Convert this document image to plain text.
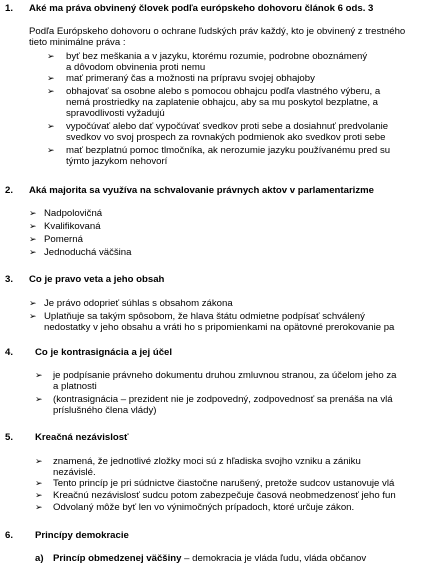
1. Aké ma práva obvinený človek podľa európskeho dohovoru článok 6 ods. 3
Podľa Európskeho dohovoru o ochrane ľudských práv každý, kto je obvinený z trestného
tieto minimálne práva :
➢
byť bez meškania a v jazyku, ktorému rozumie, podrobne oboznámený
a dôvodom obvinenia proti nemu
➢
mať primeraný čas a možnosti na prípravu svojej obhajoby
➢
obhajovať sa osobne alebo s pomocou obhajcu podľa vlastného výberu, a
nemá prostriedky na zaplatenie obhajcu, aby sa mu poskytol bezplatne, a
spravodlivosti vyžadujú
➢
vypočúvať alebo dať vypočúvať svedkov proti sebe a dosiahnuť predvolanie
svedkov vo svoj prospech za rovnakých podmienok ako svedkov proti sebe
➢
mať bezplatnú pomoc tlmočníka, ak nerozumie jazyku používanému pred su
týmto jazykom nehovorí
2. Aká majorita sa využíva na schvalovanie právnych aktov v parlamentarizme
➢
Nadpolovičná
➢
Kvalifikovaná
➢
Pomerná
➢
Jednoduchá väčšina
3. Co je pravo veta a jeho obsah
➢
Je právo odoprieť súhlas s obsahom zákona
➢
Uplatňuje sa takým spôsobom, že hlava štátu odmietne podpísať schválený
nedostatky v jeho obsahu a vráti ho s pripomienkami na opätovné prerokovanie pa
4. Co je kontrasignácia a jej účel
➢
je podpísanie právneho dokumentu druhou zmluvnou stranou, za účelom jeho za
a platnosti
➢
(kontrasignácia – prezident nie je zodpovedný, zodpovednosť sa prenáša na vlá
príslušného člena vlády)
5. Kreačná nezávislosť
➢
znamená, že jednotlivé zložky moci sú z hľadiska svojho vzniku a zániku
nezávislé.
➢
Tento princíp je pri súdnictve čiastočne narušený, pretože sudcov ustanovuje vlá
➢
Kreačnú nezávislosť sudcu potom zabezpečuje časová neobmedzenosť jeho fun
➢
Odvolaný môže byť len vo výnimočných prípadoch, ktoré určuje zákon.
6. Princípy demokracie
a) Princíp obmedzenej väčšiny – demokracia je vláda ľudu, vláda občanov
